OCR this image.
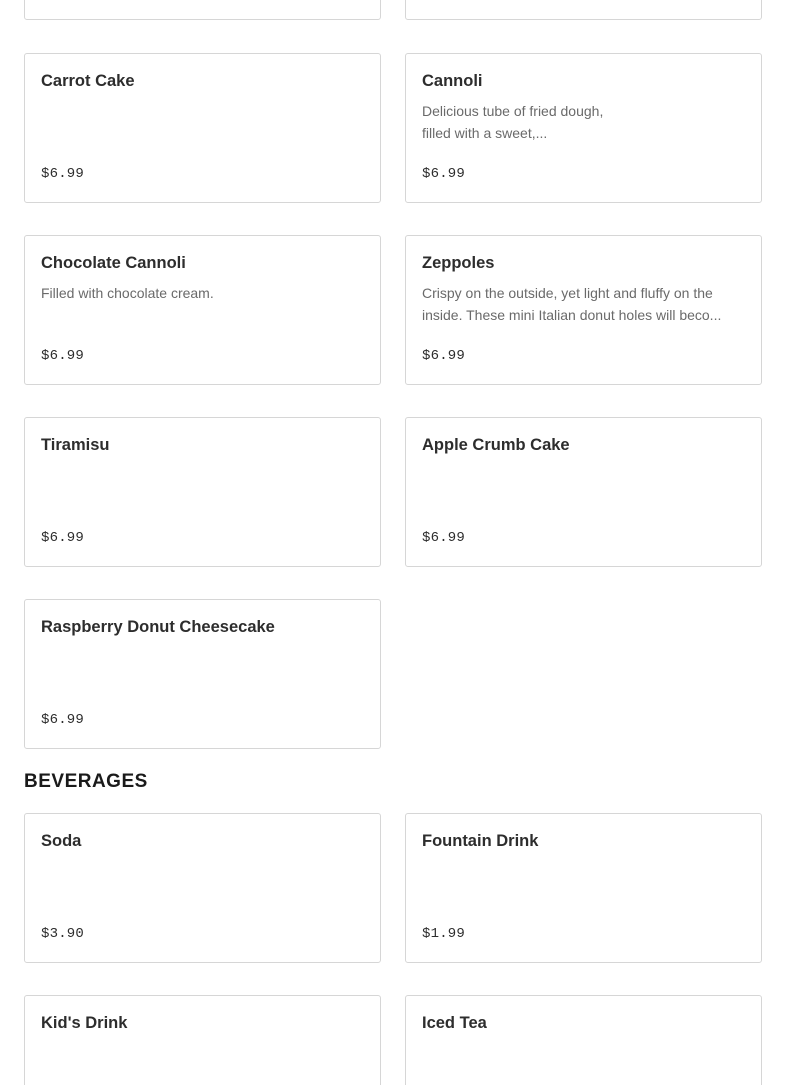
Carrot Cake
$6.99
Cannoli
Delicious tube of fried dough, filled with a sweet,...
$6.99
Chocolate Cannoli
Filled with chocolate cream.
$6.99
Zeppoles
Crispy on the outside, yet light and fluffy on the inside. These mini Italian donut holes will beco...
$6.99
Tiramisu
$6.99
Apple Crumb Cake
$6.99
Raspberry Donut Cheesecake
$6.99
BEVERAGES
Soda
$3.90
Fountain Drink
$1.99
Kid's Drink	Iced Tea
